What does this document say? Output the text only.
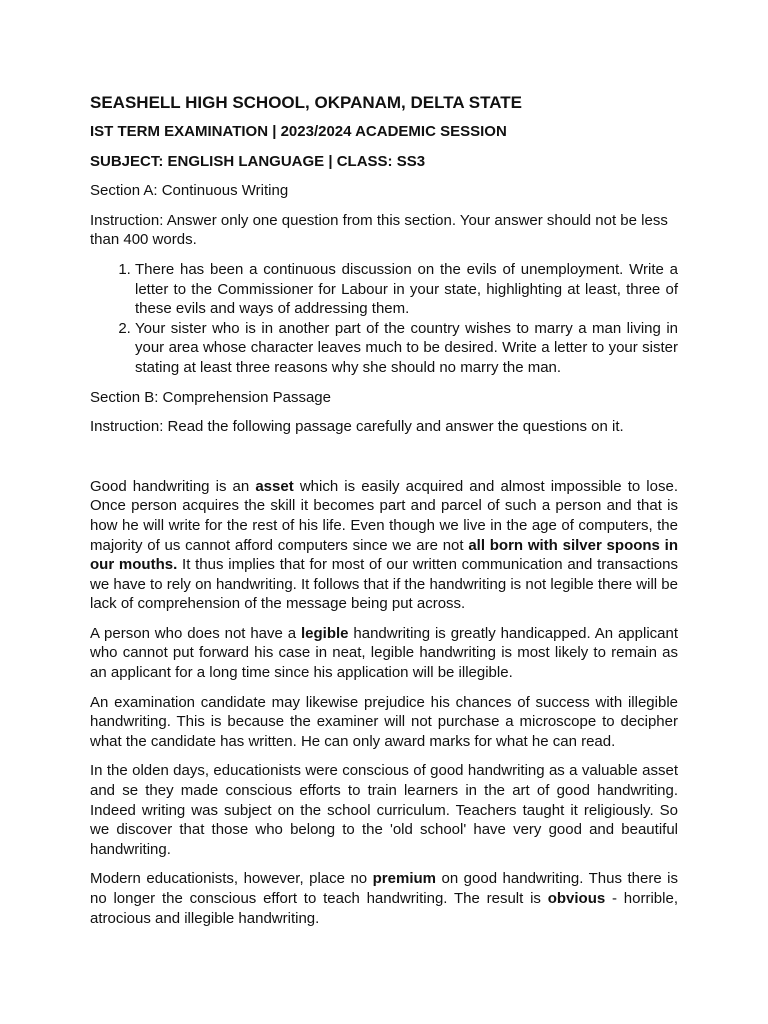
SEASHELL HIGH SCHOOL, OKPANAM, DELTA STATE

IST TERM EXAMINATION | 2023/2024 ACADEMIC SESSION

SUBJECT: ENGLISH LANGUAGE | CLASS: SS3

Section A: Continuous Writing

Instruction: Answer only one question from this section. Your answer should not be less than 400 words.

1. There has been a continuous discussion on the evils of unemployment. Write a letter to the Commissioner for Labour in your state, highlighting at least, three of these evils and ways of addressing them.
2. Your sister who is in another part of the country wishes to marry a man living in your area whose character leaves much to be desired. Write a letter to your sister stating at least three reasons why she should no marry the man.

Section B: Comprehension Passage

Instruction: Read the following passage carefully and answer the questions on it.

Good handwriting is an asset which is easily acquired and almost impossible to lose. Once person acquires the skill it becomes part and parcel of such a person and that is how he will write for the rest of his life. Even though we live in the age of computers, the majority of us cannot afford computers since we are not all born with silver spoons in our mouths. It thus implies that for most of our written communication and transactions we have to rely on handwriting. It follows that if the handwriting is not legible there will be lack of comprehension of the message being put across.

A person who does not have a legible handwriting is greatly handicapped. An applicant who cannot put forward his case in neat, legible handwriting is most likely to remain as an applicant for a long time since his application will be illegible.

An examination candidate may likewise prejudice his chances of success with illegible handwriting. This is because the examiner will not purchase a microscope to decipher what the candidate has written. He can only award marks for what he can read.

In the olden days, educationists were conscious of good handwriting as a valuable asset and se they made conscious efforts to train learners in the art of good handwriting. Indeed writing was subject on the school curriculum. Teachers taught it religiously. So we discover that those who belong to the 'old school' have very good and beautiful handwriting.

Modern educationists, however, place no premium on good handwriting. Thus there is no longer the conscious effort to teach handwriting. The result is obvious - horrible, atrocious and illegible handwriting.
